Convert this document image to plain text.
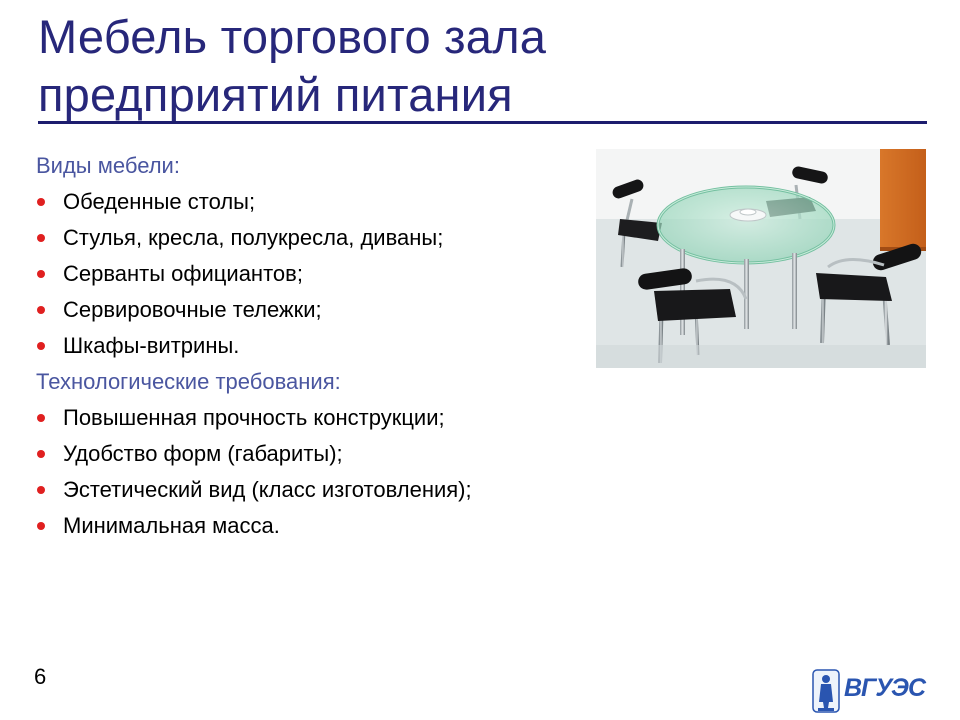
Мебель торгового зала
предприятий питания
Виды мебели:
Обеденные столы;
Стулья, кресла, полукресла, диваны;
Серванты официантов;
Сервировочные тележки;
Шкафы-витрины.
Технологические требования:
Повышенная прочность конструкции;
Удобство форм (габариты);
Эстетический вид (класс изготовления);
Минимальная масса.
6	ВГУЭС
